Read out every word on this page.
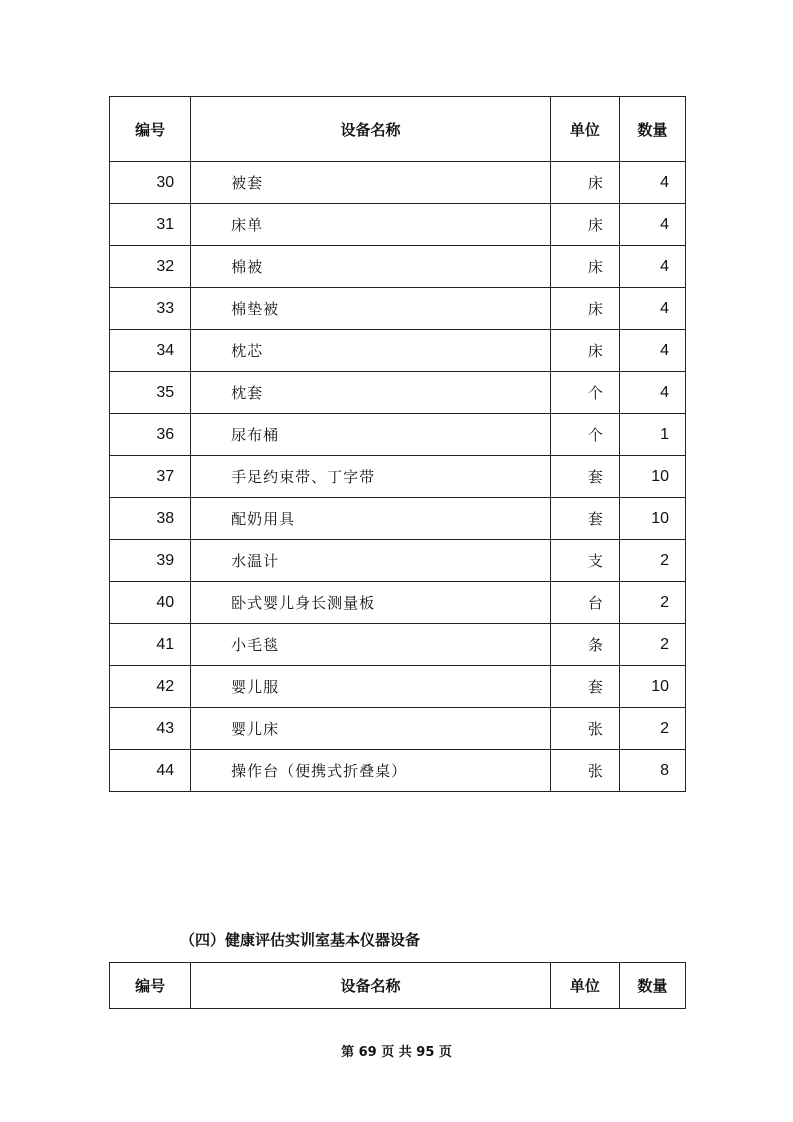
编号	设备名称	单位	数量
30	被套	床	4
31	床单	床	4
32	棉被	床	4
33	棉垫被	床	4
34	枕芯	床	4
35	枕套	个	4
36	尿布桶	个	1
37	手足约束带、丁字带	套	10
38	配奶用具	套	10
39	水温计	支	2
40	卧式婴儿身长测量板	台	2
41	小毛毯	条	2
42	婴儿服	套	10
43	婴儿床	张	2
44	操作台（便携式折叠桌）	张	8
（四）健康评估实训室基本仪器设备
编号	设备名称	单位	数量
第 69 页 共 95 页
